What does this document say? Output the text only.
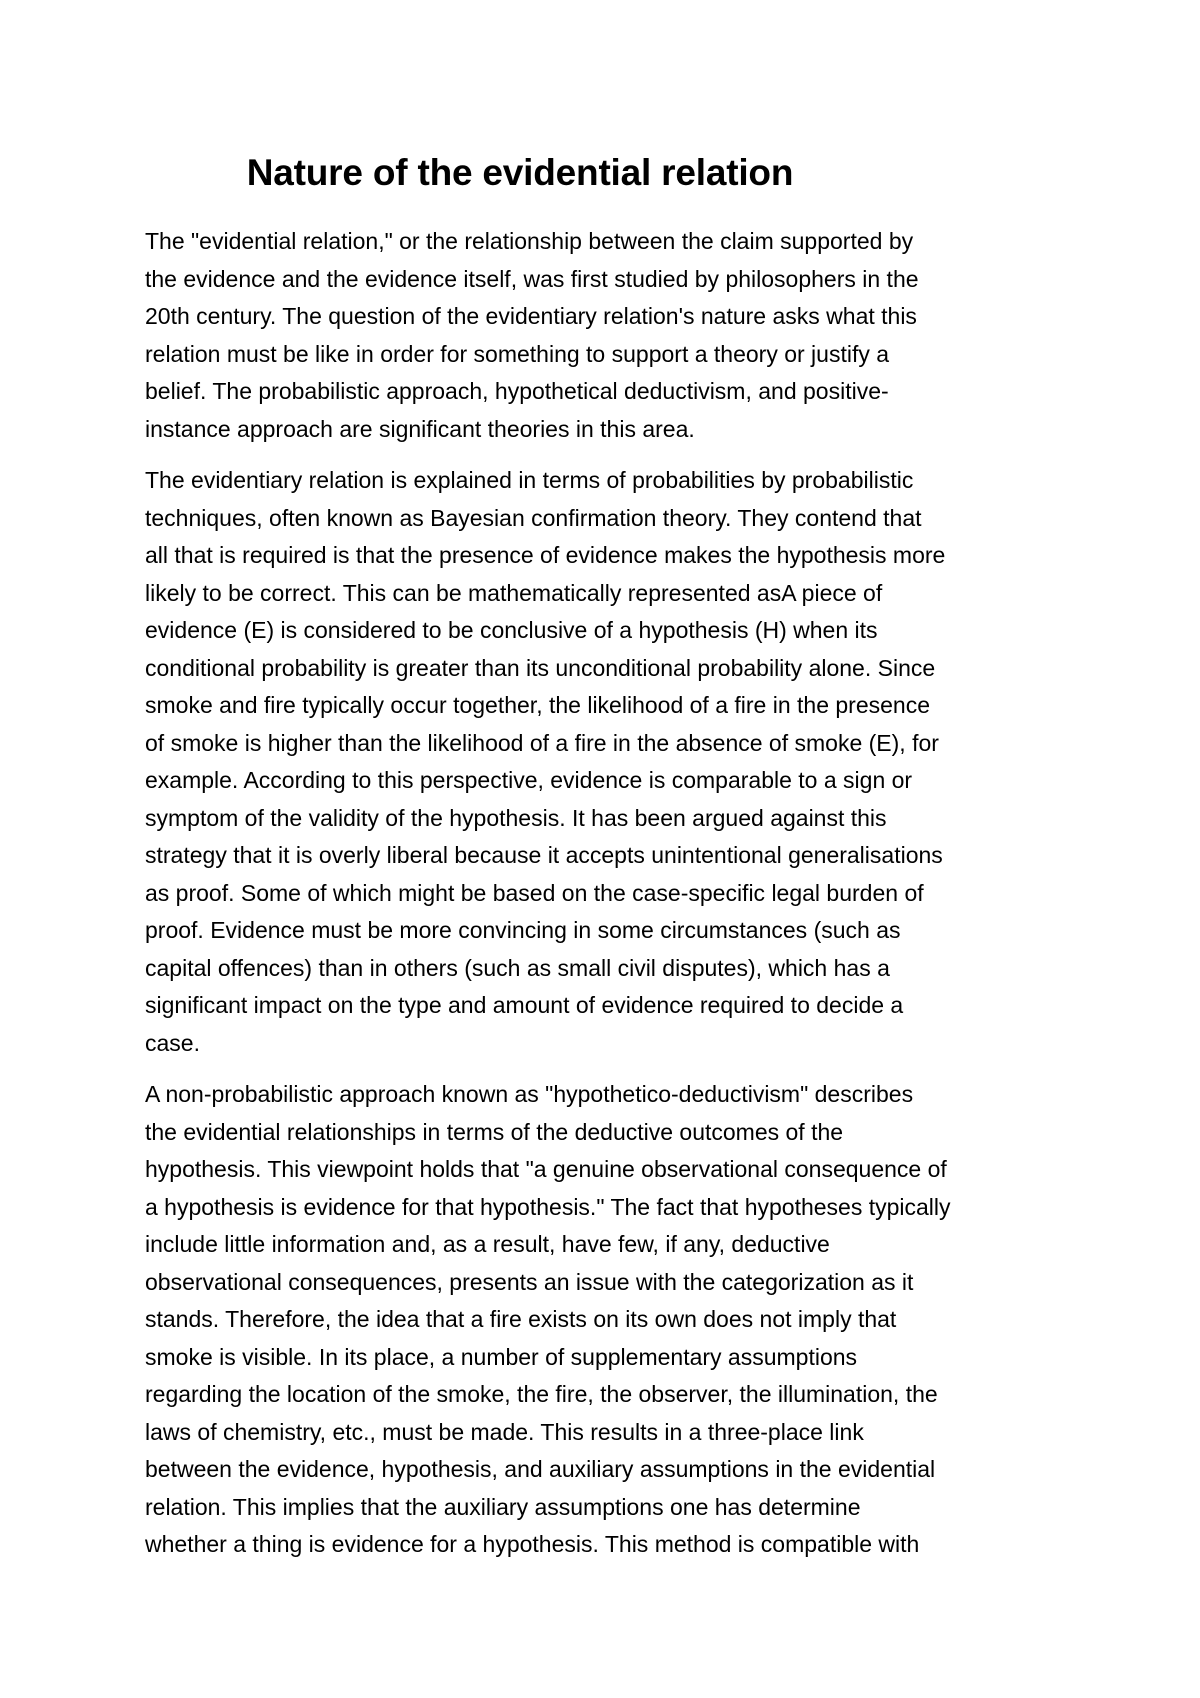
Nature of the evidential relation

The "evidential relation," or the relationship between the claim supported by
the evidence and the evidence itself, was first studied by philosophers in the
20th century. The question of the evidentiary relation's nature asks what this
relation must be like in order for something to support a theory or justify a
belief. The probabilistic approach, hypothetical deductivism, and positive-
instance approach are significant theories in this area.

The evidentiary relation is explained in terms of probabilities by probabilistic
techniques, often known as Bayesian confirmation theory. They contend that
all that is required is that the presence of evidence makes the hypothesis more
likely to be correct. This can be mathematically represented asA piece of
evidence (E) is considered to be conclusive of a hypothesis (H) when its
conditional probability is greater than its unconditional probability alone. Since
smoke and fire typically occur together, the likelihood of a fire in the presence
of smoke is higher than the likelihood of a fire in the absence of smoke (E), for
example. According to this perspective, evidence is comparable to a sign or
symptom of the validity of the hypothesis. It has been argued against this
strategy that it is overly liberal because it accepts unintentional generalisations
as proof. Some of which might be based on the case-specific legal burden of
proof. Evidence must be more convincing in some circumstances (such as
capital offences) than in others (such as small civil disputes), which has a
significant impact on the type and amount of evidence required to decide a
case.

A non-probabilistic approach known as "hypothetico-deductivism" describes
the evidential relationships in terms of the deductive outcomes of the
hypothesis. This viewpoint holds that "a genuine observational consequence of
a hypothesis is evidence for that hypothesis." The fact that hypotheses typically
include little information and, as a result, have few, if any, deductive
observational consequences, presents an issue with the categorization as it
stands. Therefore, the idea that a fire exists on its own does not imply that
smoke is visible. In its place, a number of supplementary assumptions
regarding the location of the smoke, the fire, the observer, the illumination, the
laws of chemistry, etc., must be made. This results in a three-place link
between the evidence, hypothesis, and auxiliary assumptions in the evidential
relation. This implies that the auxiliary assumptions one has determine
whether a thing is evidence for a hypothesis. This method is compatible with
